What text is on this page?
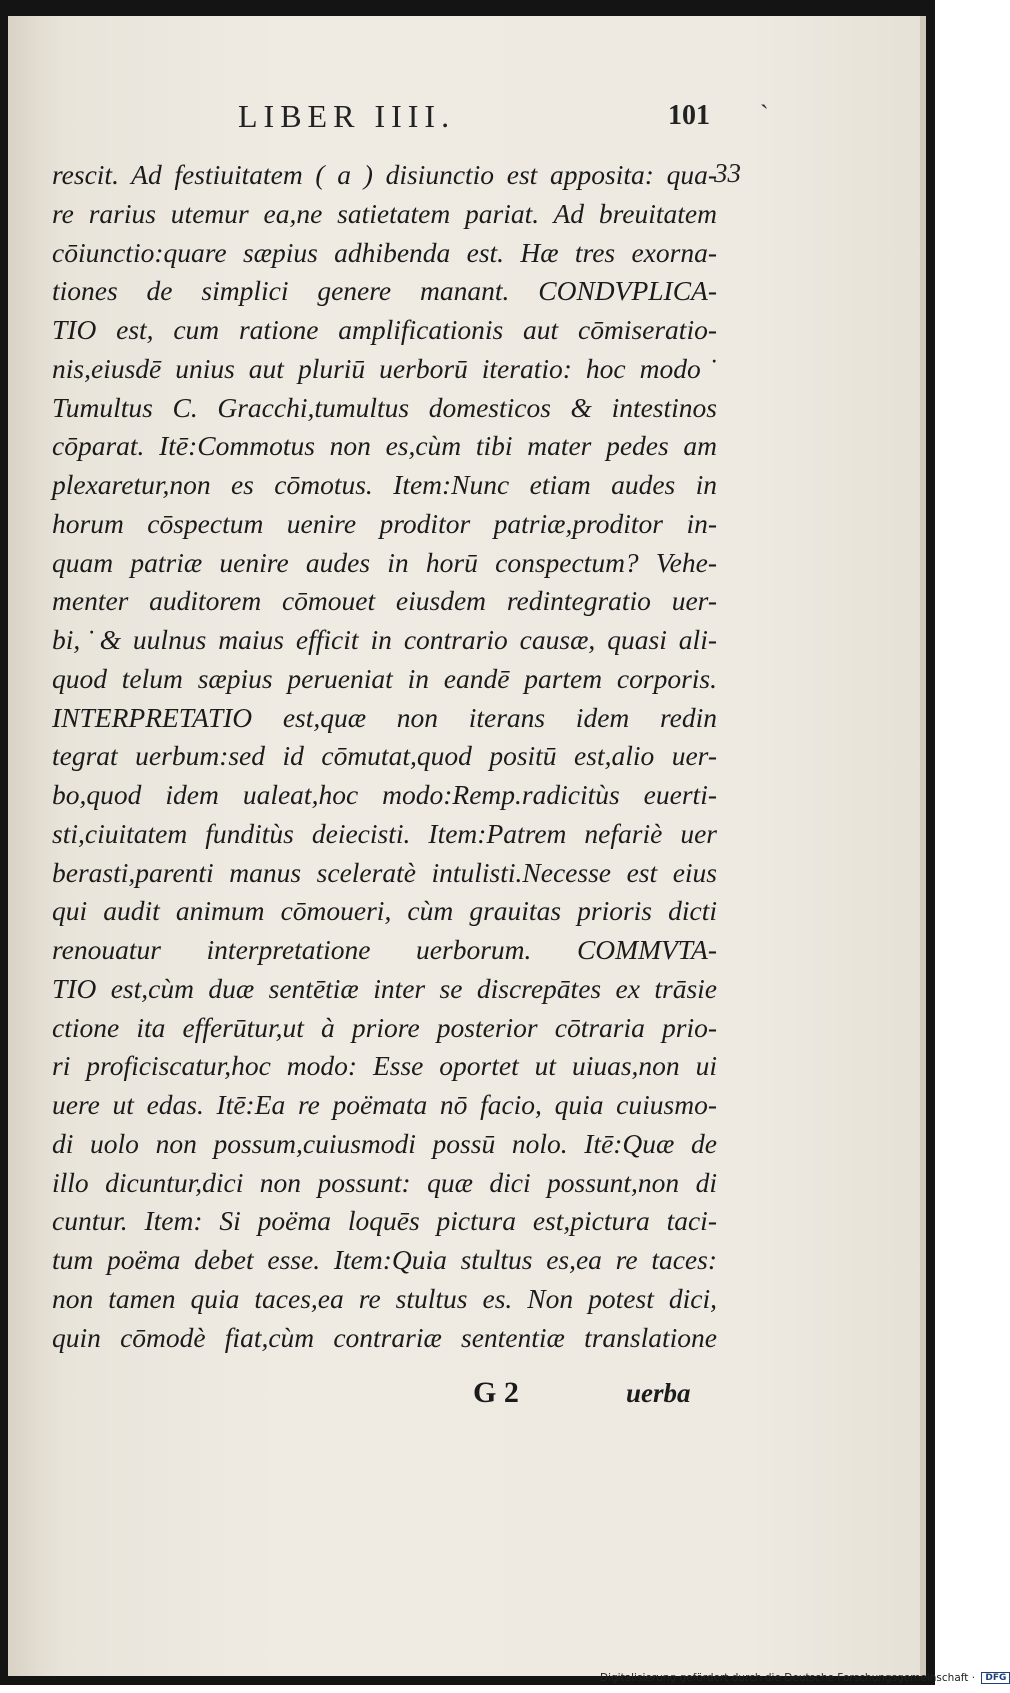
LIBER IIII.	101 `
33
rescit. Ad festiuitatem ( a ) disiunctio est apposita: qua-
re rarius utemur ea,ne satietatem pariat. Ad breuitatem
cōiunctio:quare sæpius adhibenda est. Hæ tres exorna-
tiones de simplici genere manant. CONDVPLICA-
TIO est, cum ratione amplificationis aut cōmiseratio-
nis,eiusdē unius aut pluriū uerborū iteratio: hoc modo˙
Tumultus C. Gracchi,tumultus domesticos & intestinos
cōparat. Itē:Commotus non es,cùm tibi mater pedes am
plexaretur,non es cōmotus. Item:Nunc etiam audes in
horum cōspectum uenire proditor patriæ,proditor in-
quam patriæ uenire audes in horū conspectum? Vehe-
menter auditorem cōmouet eiusdem redintegratio uer-
bi,˙& uulnus maius efficit in contrario causæ, quasi ali-
quod telum sæpius perueniat in eandē partem corporis.
INTERPRETATIO est,quæ non iterans idem redin
tegrat uerbum:sed id cōmutat,quod positū est,alio uer-
bo,quod idem ualeat,hoc modo:Remp.radicitùs euerti-
sti,ciuitatem funditùs deiecisti. Item:Patrem nefariè uer
berasti,parenti manus sceleratè intulisti.Necesse est eius
qui audit animum cōmoueri, cùm grauitas prioris dicti
renouatur interpretatione uerborum. COMMVTA-
TIO est,cùm duæ sentētiæ inter se discrepātes ex trāsie
ctione ita efferūtur,ut à priore posterior cōtraria prio-
ri proficiscatur,hoc modo: Esse oportet ut uiuas,non ui
uere ut edas. Itē:Ea re poëmata nō facio, quia cuiusmo-
di uolo non possum,cuiusmodi possū nolo. Itē:Quæ de
illo dicuntur,dici non possunt: quæ dici possunt,non di
cuntur. Item: Si poëma loquēs pictura est,pictura taci-
tum poëma debet esse. Item:Quia stultus es,ea re taces:
non tamen quia taces,ea re stultus es. Non potest dici,
quin cōmodè fiat,cùm contrariæ sententiæ translatione
G 2	uerba
Digitalisierung gefördert durch die Deutsche Forschungsgemeinschaft · DFG
